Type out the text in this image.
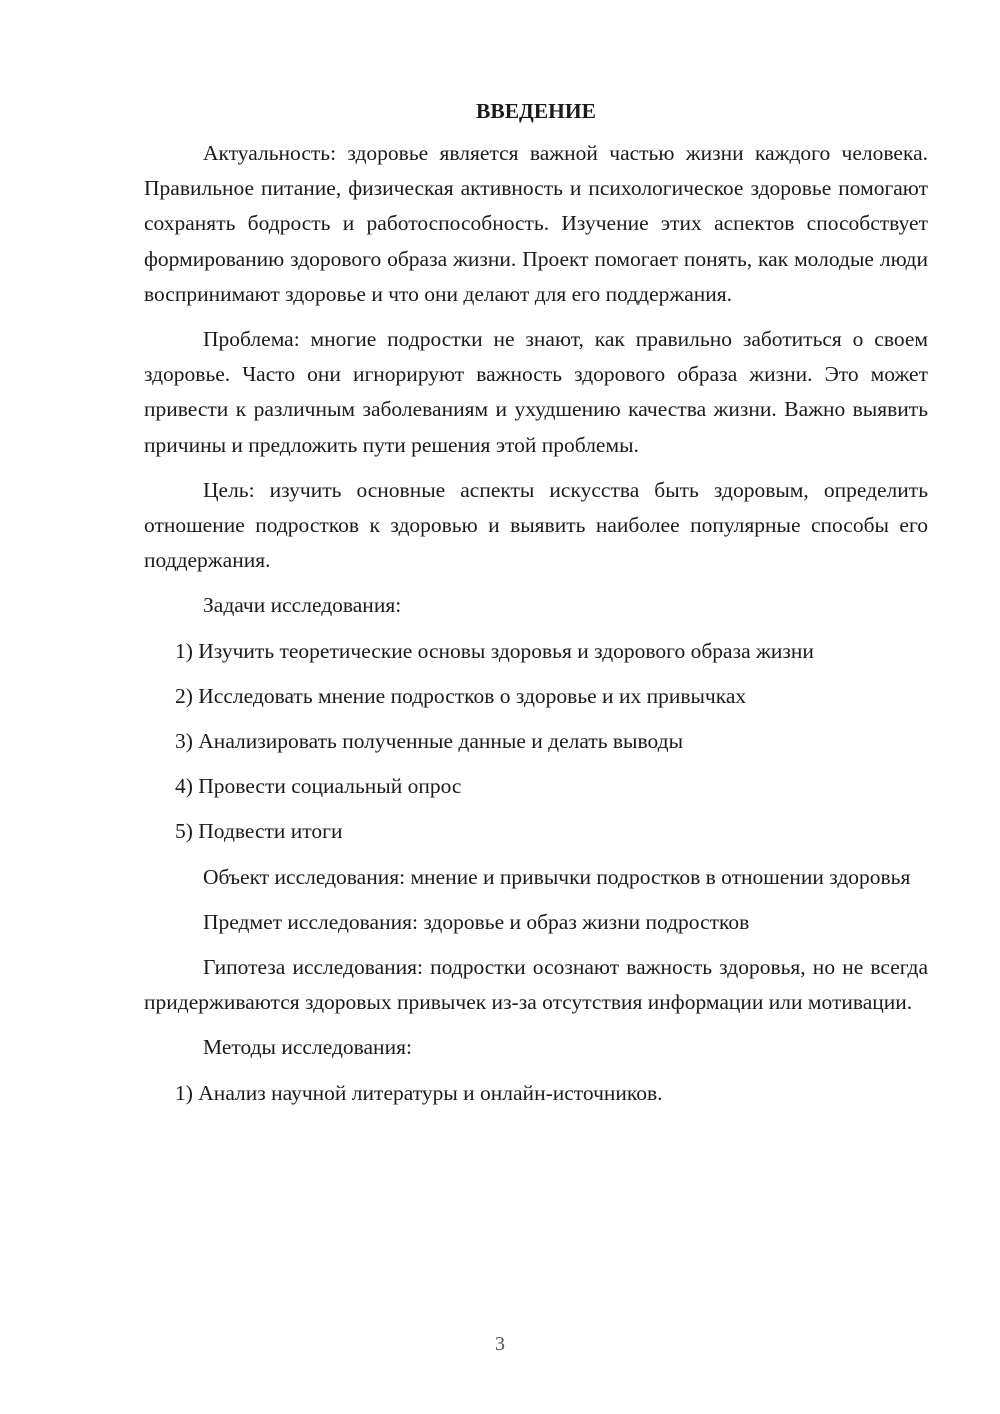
ВВЕДЕНИЕ

Актуальность: здоровье является важной частью жизни каждого человека. Правильное питание, физическая активность и психологическое здоровье помогают сохранять бодрость и работоспособность. Изучение этих аспектов способствует формированию здорового образа жизни. Проект помогает понять, как молодые люди воспринимают здоровье и что они делают для его поддержания.

Проблема: многие подростки не знают, как правильно заботиться о своем здоровье. Часто они игнорируют важность здорового образа жизни. Это может привести к различным заболеваниям и ухудшению качества жизни. Важно выявить причины и предложить пути решения этой проблемы.

Цель: изучить основные аспекты искусства быть здоровым, определить отношение подростков к здоровью и выявить наиболее популярные способы его поддержания.

Задачи исследования:
1) Изучить теоретические основы здоровья и здорового образа жизни
2) Исследовать мнение подростков о здоровье и их привычках
3) Анализировать полученные данные и делать выводы
4) Провести социальный опрос
5) Подвести итоги

Объект исследования: мнение и привычки подростков в отношении здоровья

Предмет исследования: здоровье и образ жизни подростков

Гипотеза исследования: подростки осознают важность здоровья, но не всегда придерживаются здоровых привычек из-за отсутствия информации или мотивации.

Методы исследования:
1) Анализ научной литературы и онлайн-источников.
3
